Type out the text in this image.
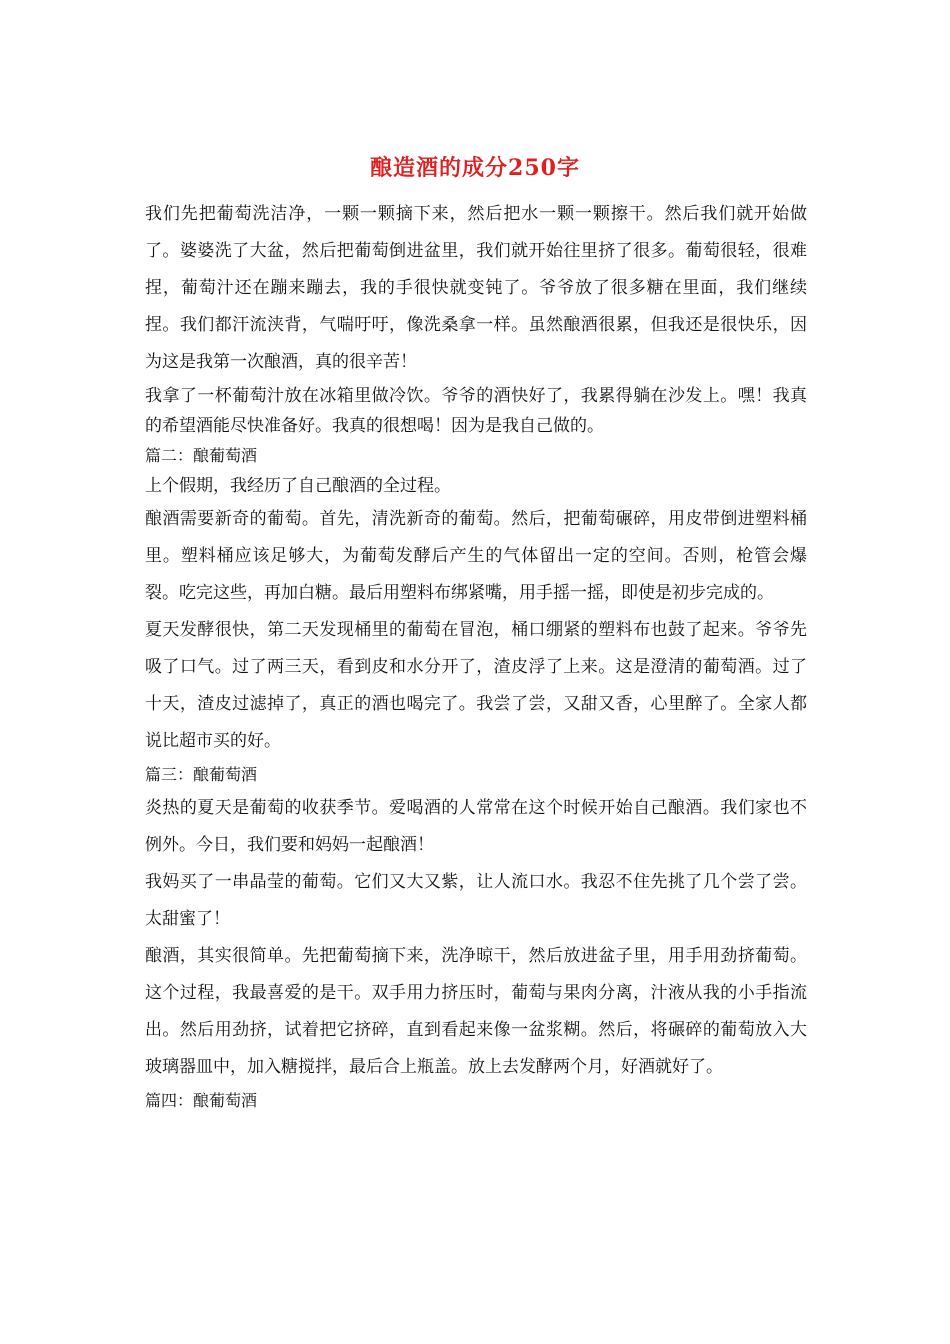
酿造酒的成分250字

我们先把葡萄洗洁净，一颗一颗摘下来，然后把水一颗一颗擦干。然后我们就开始做了。婆婆洗了大盆，然后把葡萄倒进盆里，我们就开始往里挤了很多。葡萄很轻，很难捏，葡萄汁还在蹦来蹦去，我的手很快就变钝了。爷爷放了很多糖在里面，我们继续捏。我们都汗流浃背，气喘吁吁，像洗桑拿一样。虽然酿酒很累，但我还是很快乐，因为这是我第一次酿酒，真的很辛苦！

我拿了一杯葡萄汁放在冰箱里做冷饮。爷爷的酒快好了，我累得躺在沙发上。嘿！我真的希望酒能尽快准备好。我真的很想喝！因为是我自己做的。

篇二：酿葡萄酒

上个假期，我经历了自己酿酒的全过程。

酿酒需要新奇的葡萄。首先，清洗新奇的葡萄。然后，把葡萄碾碎，用皮带倒进塑料桶里。塑料桶应该足够大，为葡萄发酵后产生的气体留出一定的空间。否则，枪管会爆裂。吃完这些，再加白糖。最后用塑料布绑紧嘴，用手摇一摇，即使是初步完成的。

夏天发酵很快，第二天发现桶里的葡萄在冒泡，桶口绷紧的塑料布也鼓了起来。爷爷先吸了口气。过了两三天，看到皮和水分开了，渣皮浮了上来。这是澄清的葡萄酒。过了十天，渣皮过滤掉了，真正的酒也喝完了。我尝了尝，又甜又香，心里醉了。全家人都说比超市买的好。

篇三：酿葡萄酒

炎热的夏天是葡萄的收获季节。爱喝酒的人常常在这个时候开始自己酿酒。我们家也不例外。今日，我们要和妈妈一起酿酒！

我妈买了一串晶莹的葡萄。它们又大又紫，让人流口水。我忍不住先挑了几个尝了尝。太甜蜜了！

酿酒，其实很简单。先把葡萄摘下来，洗净晾干，然后放进盆子里，用手用劲挤葡萄。这个过程，我最喜爱的是干。双手用力挤压时，葡萄与果肉分离，汁液从我的小手指流出。然后用劲挤，试着把它挤碎，直到看起来像一盆浆糊。然后，将碾碎的葡萄放入大玻璃器皿中，加入糖搅拌，最后合上瓶盖。放上去发酵两个月，好酒就好了。

篇四：酿葡萄酒
